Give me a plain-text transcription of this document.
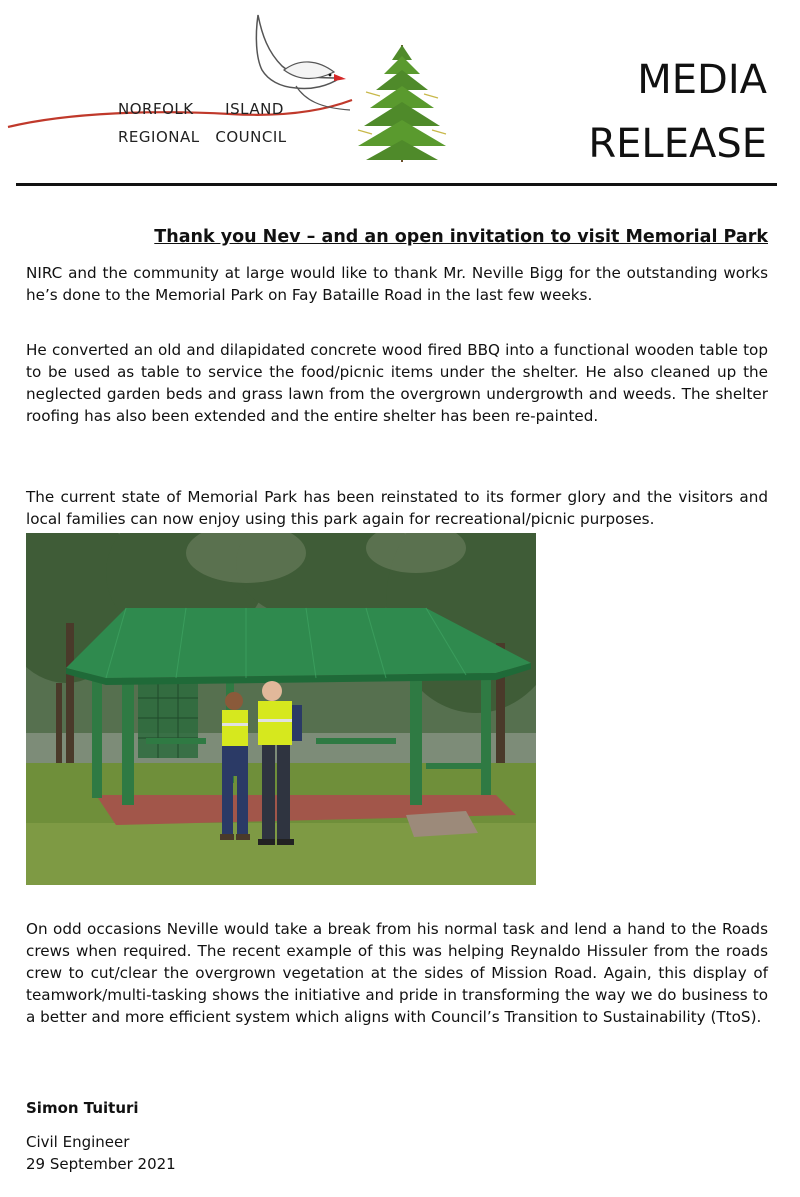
NORFOLK      ISLAND
REGIONAL   COUNCIL
MEDIA
RELEASE
Thank you Nev – and an open invitation to visit Memorial Park

NIRC and the community at large would like to thank Mr. Neville Bigg for the outstanding works he’s done to the Memorial Park on Fay Bataille Road in the last few weeks.

He converted an old and dilapidated concrete wood fired BBQ into a functional wooden table top to be used as table to service the food/picnic items under the shelter. He also cleaned up the neglected garden beds and grass lawn from the overgrown undergrowth and weeds. The shelter roofing has also been extended and the entire shelter has been re-painted.

The current state of Memorial Park has been reinstated to its former glory and the visitors and local families can now enjoy using this park again for recreational/picnic purposes.

On odd occasions Neville would take a break from his normal task and lend a hand to the Roads crews when required. The recent example of this was helping Reynaldo Hissuler from the roads crew to cut/clear the overgrown vegetation at the sides of Mission Road. Again, this display of teamwork/multi-tasking shows the initiative and pride in transforming the way we do business to a better and more efficient system which aligns with Council’s Transition to Sustainability (TtoS).

Simon Tuituri
Civil Engineer
29 September 2021
